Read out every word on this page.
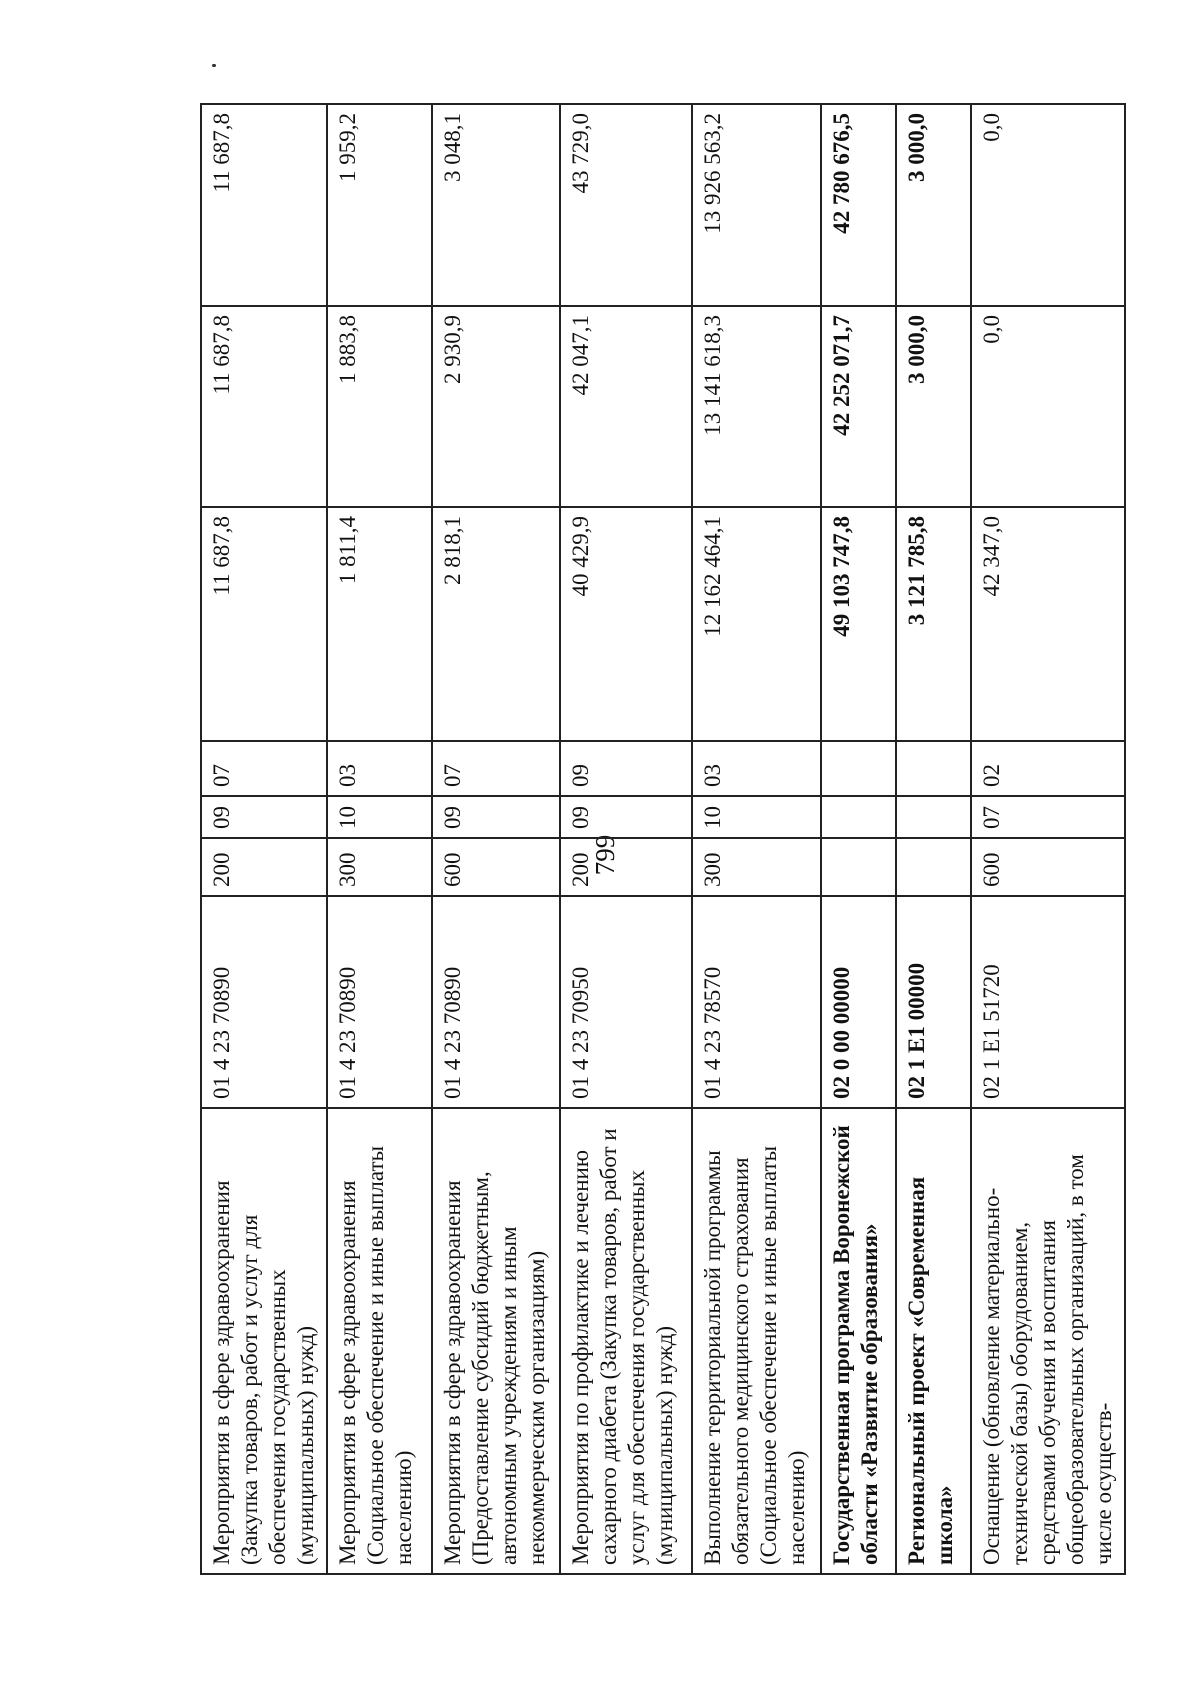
799
Мероприятия в сфере здравоохранения (Закупка товаров, работ и услуг для обеспечения государственных (муниципальных) нужд)	01 4 23 70890	200	09	07	11 687,8	11 687,8	11 687,8
Мероприятия в сфере здравоохранения (Социальное обеспечение и иные выплаты населению)	01 4 23 70890	300	10	03	1 811,4	1 883,8	1 959,2
Мероприятия в сфере здравоохранения (Предоставление субсидий бюджетным, автономным учреждениям и иным некоммерческим организациям)	01 4 23 70890	600	09	07	2 818,1	2 930,9	3 048,1
Мероприятия по профилактике и лечению сахарного диабета (Закупка товаров, работ и услуг для обеспечения государственных (муниципальных) нужд)	01 4 23 70950	200	09	09	40 429,9	42 047,1	43 729,0
Выполнение территориальной программы обязательного медицинского страхования (Социальное обеспечение и иные выплаты населению)	01 4 23 78570	300	10	03	12 162 464,1	13 141 618,3	13 926 563,2
Государственная программа Воронежской области «Развитие образования»	02 0 00 00000				49 103 747,8	42 252 071,7	42 780 676,5
Региональный проект «Современная школа»	02 1 E1 00000				3 121 785,8	3 000,0	3 000,0
Оснащение (обновление материально-технической базы) оборудованием, средствами обучения и воспитания общеобразовательных организаций, в том числе осуществ-	02 1 E1 51720	600	07	02	42 347,0	0,0	0,0
